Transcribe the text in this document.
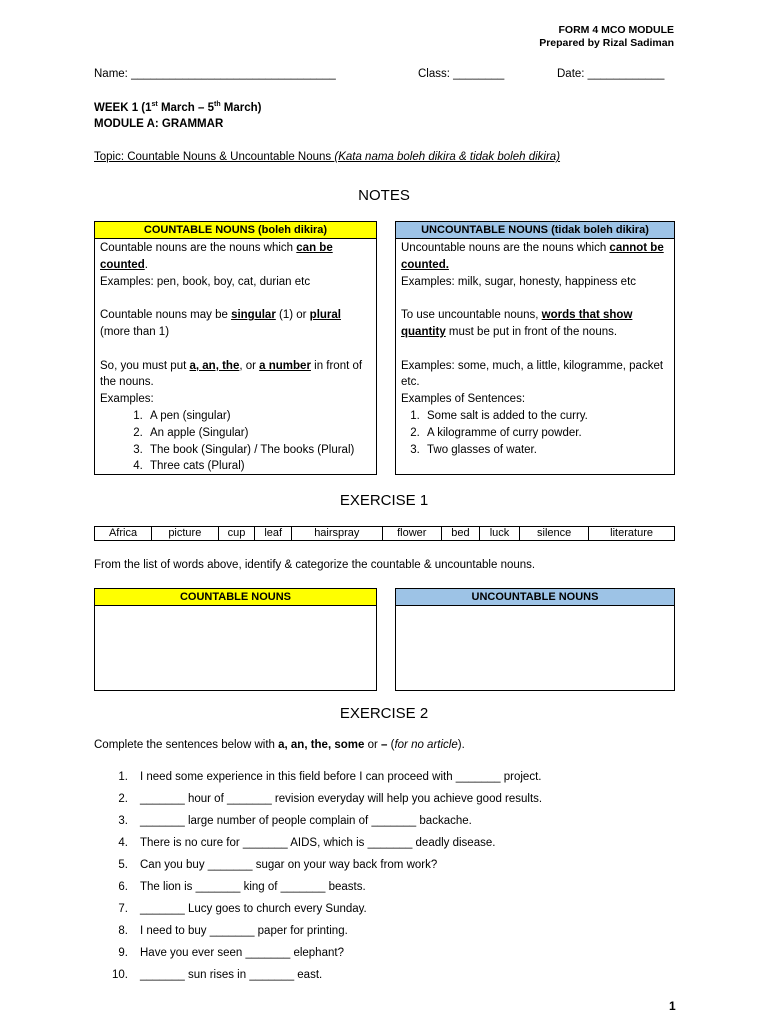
FORM 4 MCO MODULE
Prepared by Rizal Sadiman
Name: ________________________________	Class: ________	Date: ____________
WEEK 1 (1st March – 5th March)
MODULE A: GRAMMAR
Topic: Countable Nouns & Uncountable Nouns (Kata nama boleh dikira & tidak boleh dikira)
NOTES
COUNTABLE NOUNS (boleh dikira)

Countable nouns are the nouns which can be counted.

Examples: pen, book, boy, cat, durian etc

Countable nouns may be singular (1) or plural (more than 1)

So, you must put a, an, the, or a number in front of the nouns.

Examples:

1. A pen (singular)
2. An apple (Singular)
3. The book (Singular) / The books (Plural)
4. Three cats (Plural)
UNCOUNTABLE NOUNS (tidak boleh dikira)

Uncountable nouns are the nouns which cannot be counted.

Examples: milk, sugar, honesty, happiness etc

To use uncountable nouns, words that show quantity must be put in front of the nouns.

Examples: some, much, a little, kilogramme, packet etc.

Examples of Sentences:

1. Some salt is added to the curry.
2. A kilogramme of curry powder.
3. Two glasses of water.
EXERCISE 1
Africa	picture	cup	leaf	hairspray	flower	bed	luck	silence	literature
From the list of words above, identify & categorize the countable & uncountable nouns.
COUNTABLE NOUNS	UNCOUNTABLE NOUNS
EXERCISE 2
Complete the sentences below with a, an, the, some or – (for no article).
1. I need some experience in this field before I can proceed with _______ project.
2. _______ hour of _______ revision everyday will help you achieve good results.
3. _______ large number of people complain of _______ backache.
4. There is no cure for _______ AIDS, which is _______ deadly disease.
5. Can you buy _______ sugar on your way back from work?
6. The lion is _______ king of _______ beasts.
7. _______ Lucy goes to church every Sunday.
8. I need to buy _______ paper for printing.
9. Have you ever seen _______ elephant?
10. _______ sun rises in _______ east.
1
